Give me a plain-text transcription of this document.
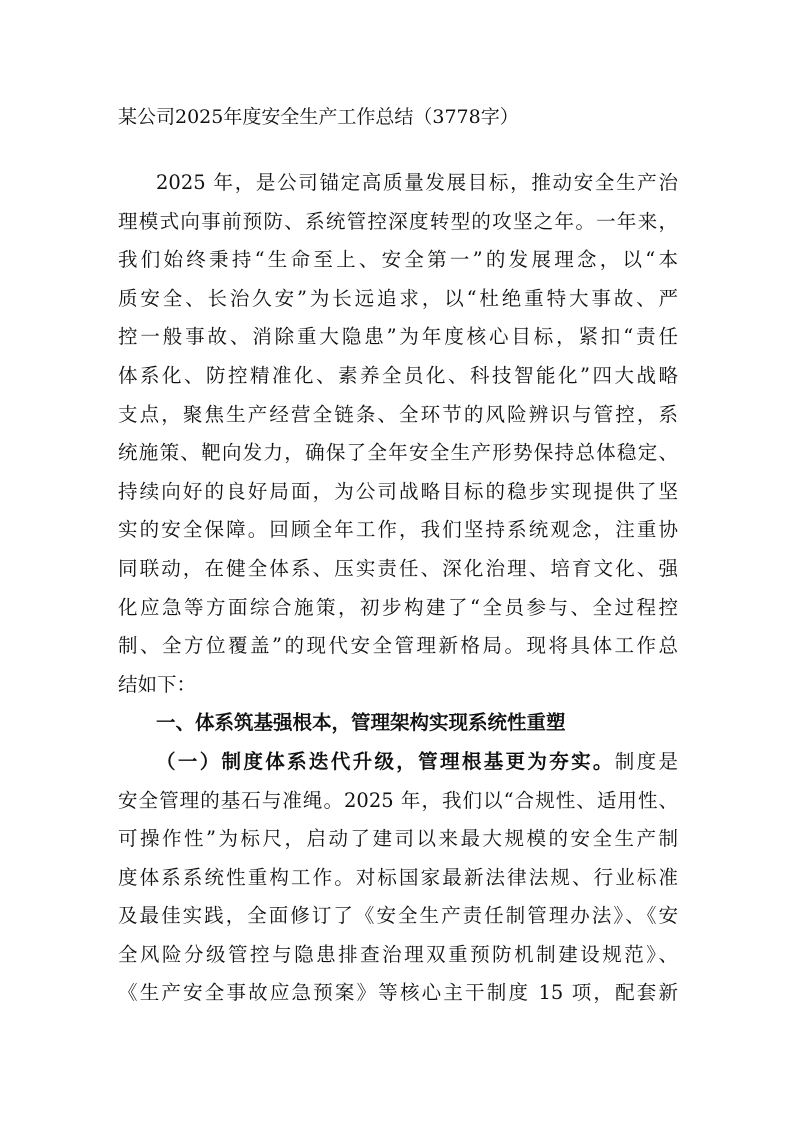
某公司2025年度安全生产工作总结（3778字）
2025 年，是公司锚定高质量发展目标，推动安全生产治
理模式向事前预防、系统管控深度转型的攻坚之年。一年来，
我们始终秉持“生命至上、安全第一”的发展理念，以“本
质安全、长治久安”为长远追求，以“杜绝重特大事故、严
控一般事故、消除重大隐患”为年度核心目标，紧扣“责任
体系化、防控精准化、素养全员化、科技智能化”四大战略
支点，聚焦生产经营全链条、全环节的风险辨识与管控，系
统施策、靶向发力，确保了全年安全生产形势保持总体稳定、
持续向好的良好局面，为公司战略目标的稳步实现提供了坚
实的安全保障。回顾全年工作，我们坚持系统观念，注重协
同联动，在健全体系、压实责任、深化治理、培育文化、强
化应急等方面综合施策，初步构建了“全员参与、全过程控
制、全方位覆盖”的现代安全管理新格局。现将具体工作总
结如下：
一、体系筑基强根本，管理架构实现系统性重塑
（一）制度体系迭代升级，管理根基更为夯实。制度是
安全管理的基石与准绳。2025 年，我们以“合规性、适用性、
可操作性”为标尺，启动了建司以来最大规模的安全生产制
度体系系统性重构工作。对标国家最新法律法规、行业标准
及最佳实践，全面修订了《安全生产责任制管理办法》、《安
全风险分级管控与隐患排查治理双重预防机制建设规范》、
《生产安全事故应急预案》等核心主干制度 15 项，配套新
